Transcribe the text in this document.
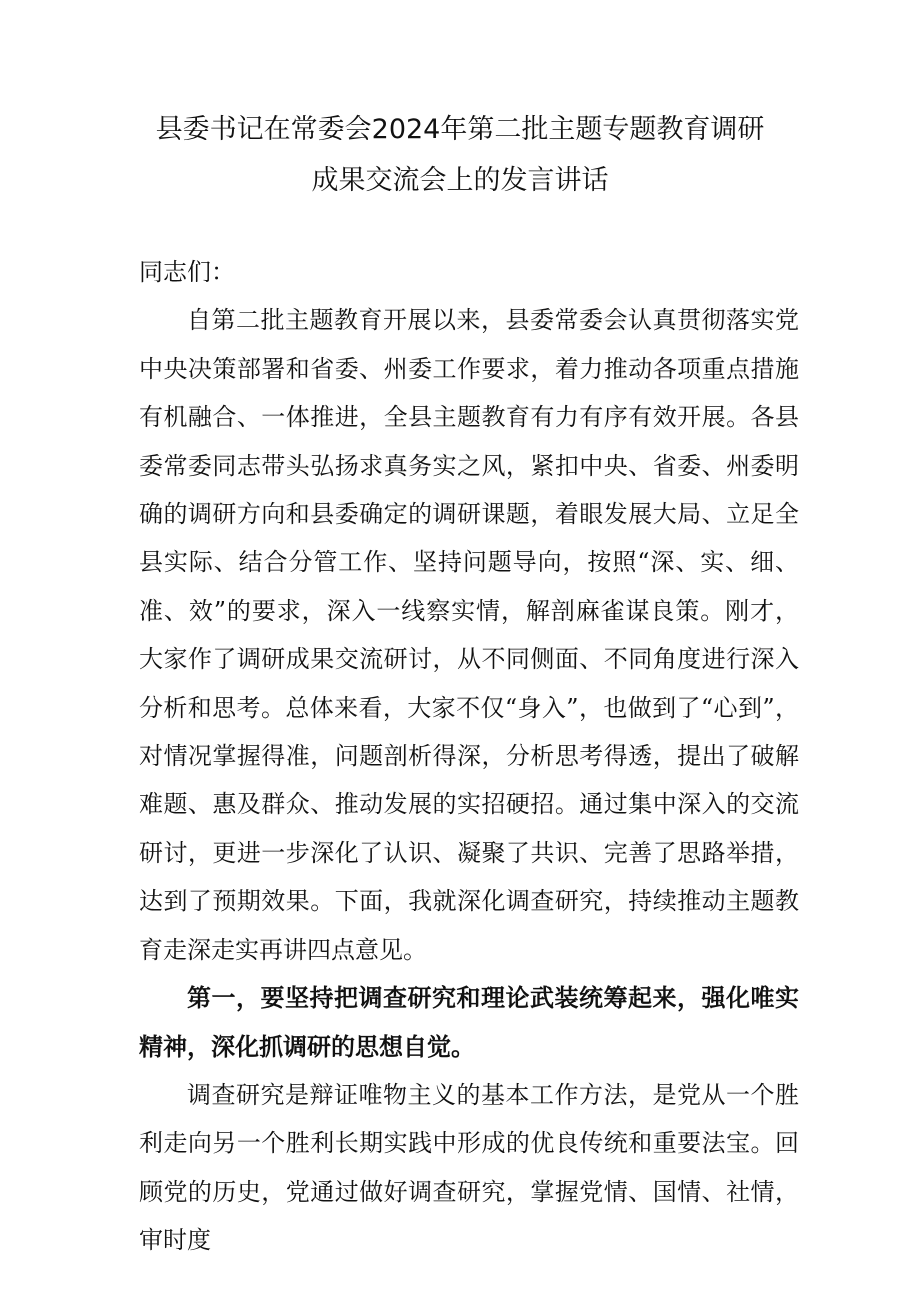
县委书记在常委会2024年第二批主题专题教育调研
成果交流会上的发言讲话

同志们：

自第二批主题教育开展以来，县委常委会认真贯彻落实党中央决策部署和省委、州委工作要求，着力推动各项重点措施有机融合、一体推进，全县主题教育有力有序有效开展。各县委常委同志带头弘扬求真务实之风，紧扣中央、省委、州委明确的调研方向和县委确定的调研课题，着眼发展大局、立足全县实际、结合分管工作、坚持问题导向，按照“深、实、细、准、效”的要求，深入一线察实情，解剖麻雀谋良策。刚才，大家作了调研成果交流研讨，从不同侧面、不同角度进行深入分析和思考。总体来看，大家不仅“身入”，也做到了“心到”，对情况掌握得准，问题剖析得深，分析思考得透，提出了破解难题、惠及群众、推动发展的实招硬招。通过集中深入的交流研讨，更进一步深化了认识、凝聚了共识、完善了思路举措，达到了预期效果。下面，我就深化调查研究，持续推动主题教育走深走实再讲四点意见。

第一，要坚持把调查研究和理论武装统筹起来，强化唯实精神，深化抓调研的思想自觉。

调查研究是辩证唯物主义的基本工作方法，是党从一个胜利走向另一个胜利长期实践中形成的优良传统和重要法宝。回顾党的历史，党通过做好调查研究，掌握党情、国情、社情，审时度
